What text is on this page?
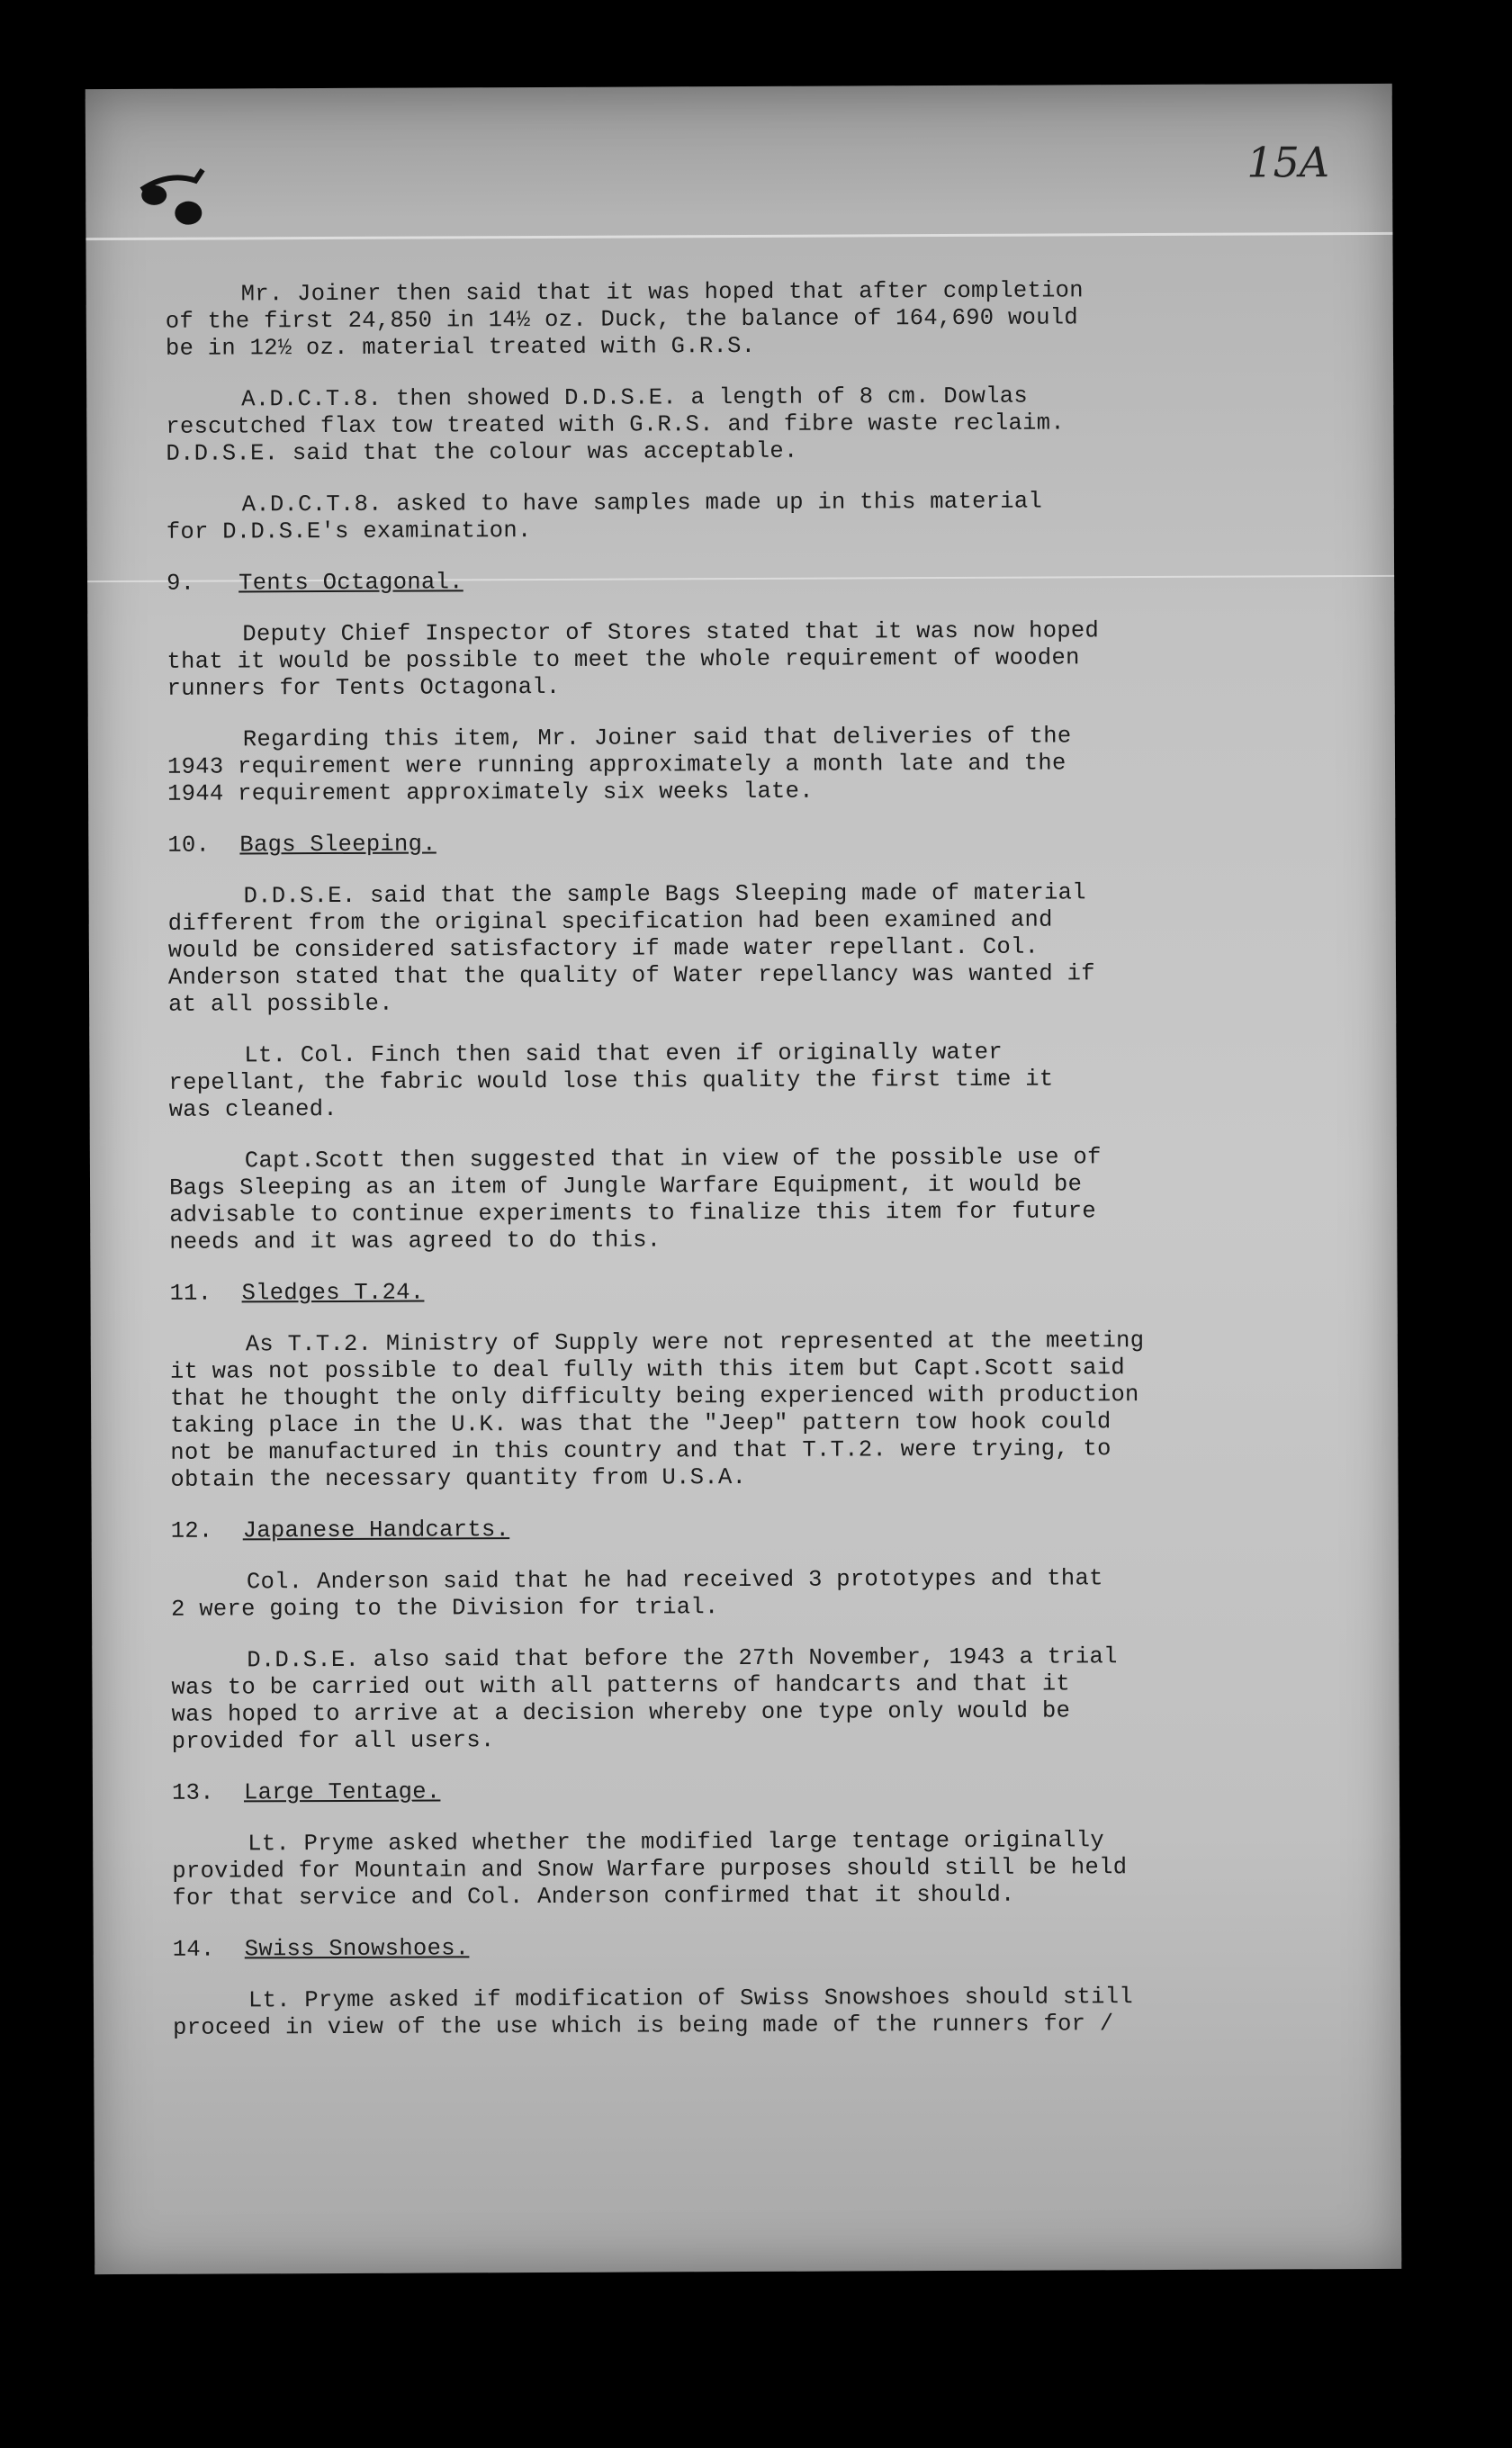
15A
Mr. Joiner then said that it was hoped that after completion
of the first 24,850 in 14½ oz. Duck, the balance of 164,690 would
be in 12½ oz. material treated with G.R.S.
A.D.C.T.8. then showed D.D.S.E. a length of 8 cm. Dowlas
rescutched flax tow treated with G.R.S. and fibre waste reclaim.
D.D.S.E. said that the colour was acceptable.
A.D.C.T.8. asked to have samples made up in this material
for D.D.S.E's examination.
9. Tents Octagonal.
Deputy Chief Inspector of Stores stated that it was now hoped
that it would be possible to meet the whole requirement of wooden
runners for Tents Octagonal.
Regarding this item, Mr. Joiner said that deliveries of the
1943 requirement were running approximately a month late and the
1944 requirement approximately six weeks late.
10. Bags Sleeping.
D.D.S.E. said that the sample Bags Sleeping made of material
different from the original specification had been examined and
would be considered satisfactory if made water repellant. Col.
Anderson stated that the quality of Water repellancy was wanted if
at all possible.
Lt. Col. Finch then said that even if originally water
repellant, the fabric would lose this quality the first time it
was cleaned.
Capt.Scott then suggested that in view of the possible use of
Bags Sleeping as an item of Jungle Warfare Equipment, it would be
advisable to continue experiments to finalize this item for future
needs and it was agreed to do this.
11. Sledges T.24.
As T.T.2. Ministry of Supply were not represented at the meeting
it was not possible to deal fully with this item but Capt.Scott said
that he thought the only difficulty being experienced with production
taking place in the U.K. was that the "Jeep" pattern tow hook could
not be manufactured in this country and that T.T.2. were trying, to
obtain the necessary quantity from U.S.A.
12. Japanese Handcarts.
Col. Anderson said that he had received 3 prototypes and that
2 were going to the Division for trial.
D.D.S.E. also said that before the 27th November, 1943 a trial
was to be carried out with all patterns of handcarts and that it
was hoped to arrive at a decision whereby one type only would be
provided for all users.
13. Large Tentage.
Lt. Pryme asked whether the modified large tentage originally
provided for Mountain and Snow Warfare purposes should still be held
for that service and Col. Anderson confirmed that it should.
14. Swiss Snowshoes.
Lt. Pryme asked if modification of Swiss Snowshoes should still
proceed in view of the use which is being made of the runners for /
